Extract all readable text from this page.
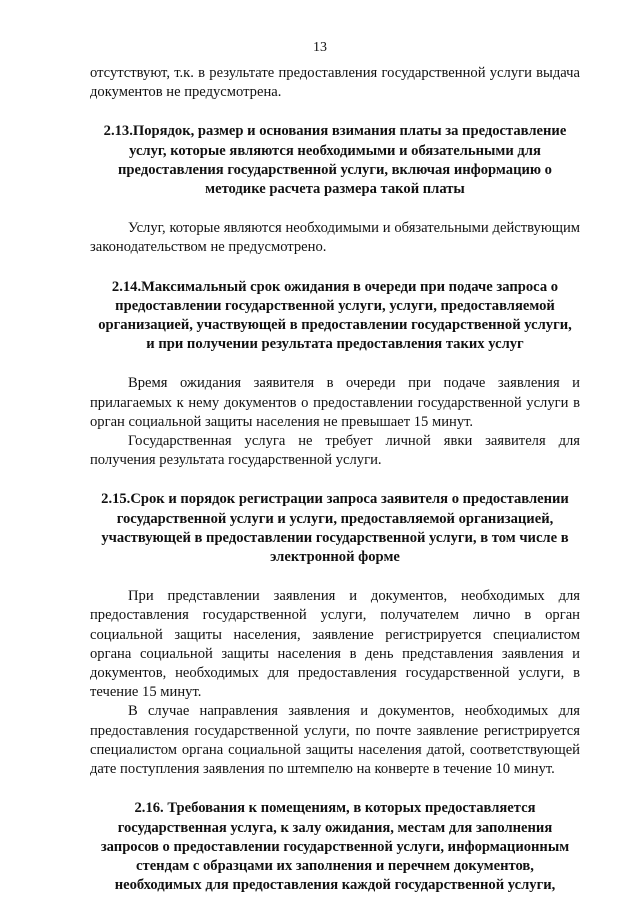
13

отсутствуют, т.к. в результате предоставления государственной услуги выдача документов не предусмотрена.

2.13.Порядок, размер и основания взимания платы за предоставление услуг, которые являются необходимыми и обязательными для предоставления государственной услуги, включая информацию о методике расчета размера такой платы

Услуг, которые являются необходимыми и обязательными действующим законодательством не предусмотрено.

2.14.Максимальный срок ожидания в очереди при подаче запроса о предоставлении государственной услуги, услуги, предоставляемой организацией, участвующей в предоставлении государственной услуги, и при получении результата предоставления таких услуг

Время ожидания заявителя в очереди при подаче заявления и прилагаемых к нему документов о предоставлении государственной услуги в орган социальной защиты населения не превышает 15 минут.

Государственная услуга не требует личной явки заявителя для получения результата государственной услуги.

2.15.Срок и порядок регистрации запроса заявителя о предоставлении государственной услуги и услуги, предоставляемой организацией, участвующей в предоставлении государственной услуги, в том числе в электронной форме

При представлении заявления и документов, необходимых для предоставления государственной услуги, получателем лично в орган социальной защиты населения, заявление регистрируется специалистом органа социальной защиты населения в день представления заявления и документов, необходимых для предоставления государственной услуги, в течение 15 минут.

В случае направления заявления и документов, необходимых для предоставления государственной услуги, по почте заявление регистрируется специалистом органа социальной защиты населения датой, соответствующей дате поступления заявления по штемпелю на конверте в течение 10 минут.

2.16. Требования к помещениям, в которых предоставляется государственная услуга, к залу ожидания, местам для заполнения запросов о предоставлении государственной услуги, информационным стендам с образцами их заполнения и перечнем документов, необходимых для предоставления каждой государственной услуги,
